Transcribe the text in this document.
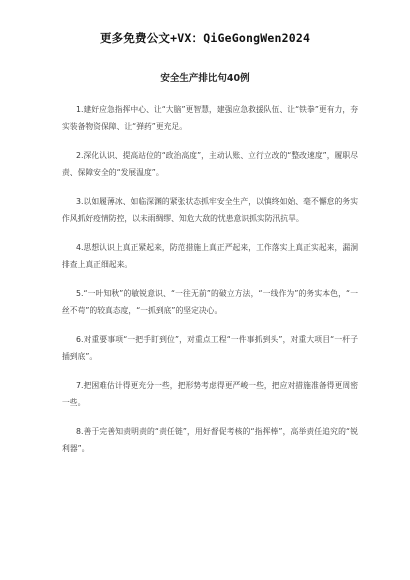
更多免费公文+VX：QiGeGongWen2024
安全生产排比句40例

1.建好应急指挥中心、让“大脑”更智慧，建强应急救援队伍、让“铁拳”更有力，夯实装备物资保障、让“弹药”更充足。

2.深化认识、提高站位的“政治高度”，主动认账、立行立改的“整改速度”，履职尽责、保障安全的“发展温度”。

3.以如履薄冰、如临深渊的紧张状态抓牢安全生产，以慎终如始、毫不懈怠的务实作风抓好疫情防控，以未雨绸缪、知危大敌的忧患意识抓实防汛抗旱。

4.思想认识上真正紧起来，防范措施上真正严起来，工作落实上真正实起来，漏洞排查上真正细起来。

5.“一叶知秋”的敏锐意识、“一往无前”的破立方法，“一线作为”的务实本色，“一丝不苟”的较真态度，“一抓到底”的坚定决心。

6.对重要事项“一把手盯到位”，对重点工程“一件事抓到头”，对重大项目“一杆子插到底”。

7.把困难估计得更充分一些，把形势考虑得更严峻一些，把应对措施准备得更周密一些。

8.善于完善知责明责的“责任链”，用好督促考核的“指挥棒”，高举责任追究的“锐利器”。
